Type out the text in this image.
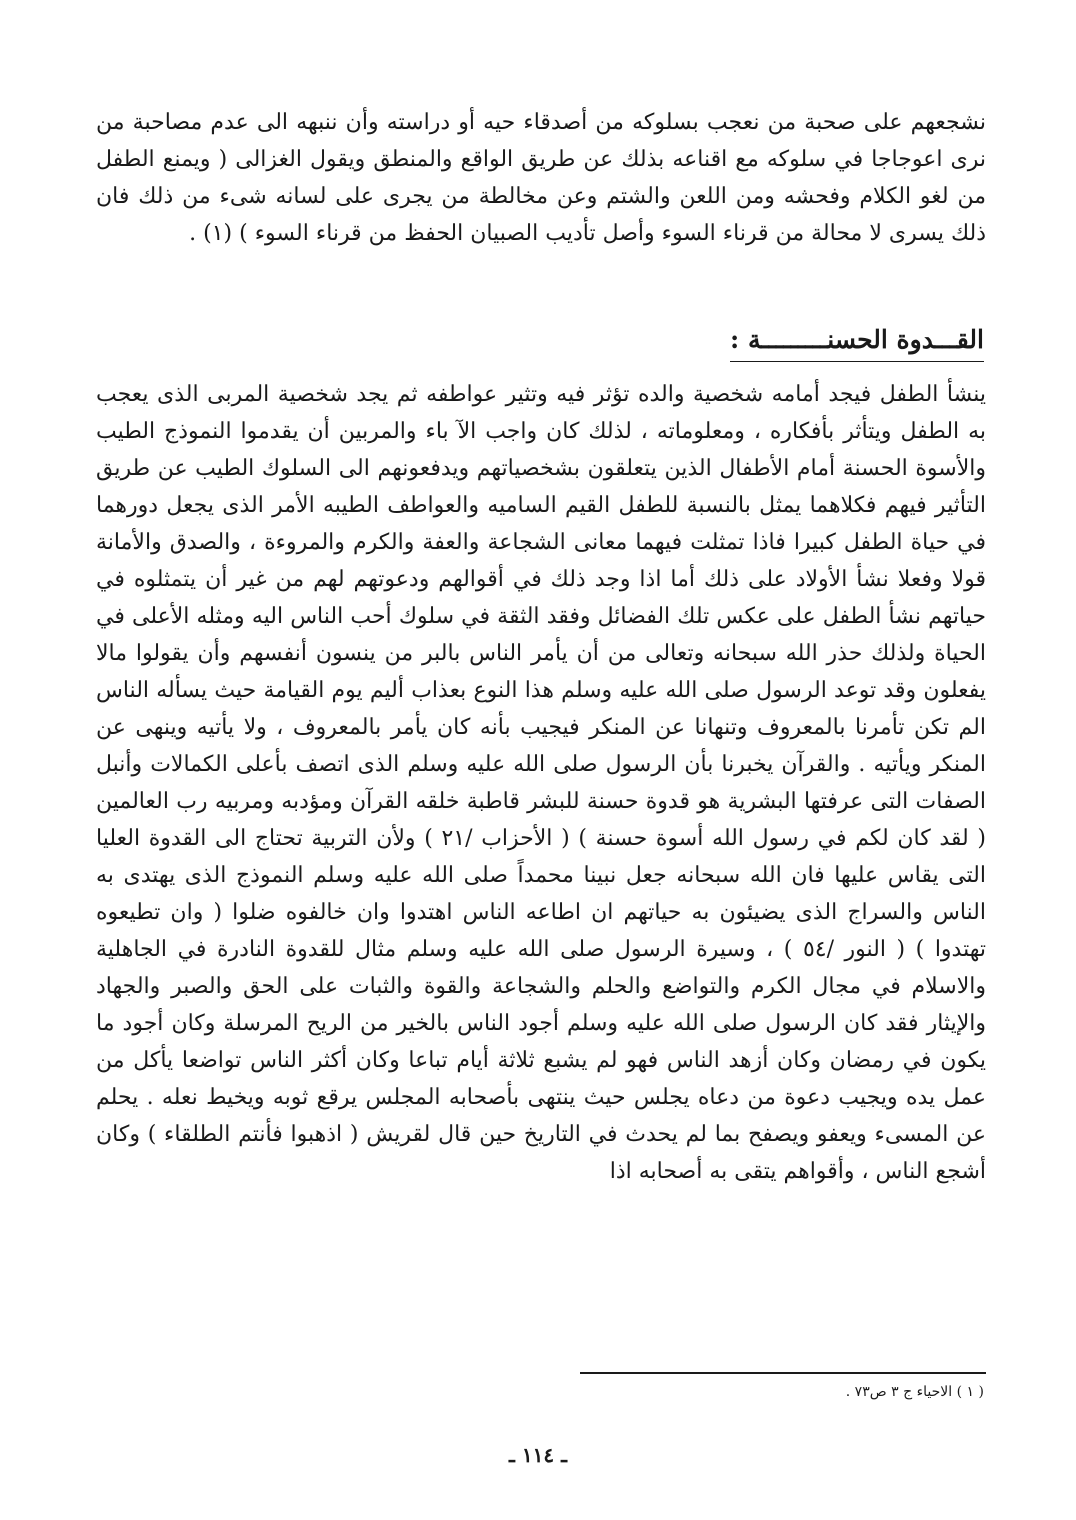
نشجعهم على صحبة من نعجب بسلوكه من أصدقاء حيه أو دراسته وأن ننبهه الى عدم مصاحبة من نرى اعوجاجا في سلوكه مع اقناعه بذلك عن طريق الواقع والمنطق ويقول الغزالى ( ويمنع الطفل من لغو الكلام وفحشه ومن اللعن والشتم وعن مخالطة من يجرى على لسانه شىء من ذلك فان ذلك يسرى لا محالة من قرناء السوء وأصل تأديب الصبيان الحفظ من قرناء السوء ) (١) .

القـــدوة الحسنـــــــــة :

ينشأ الطفل فيجد أمامه شخصية والده تؤثر فيه وتثير عواطفه ثم يجد شخصية المربى الذى يعجب به الطفل ويتأثر بأفكاره ، ومعلوماته ، لذلك كان واجب الآ باء والمربين أن يقدموا النموذج الطيب والأسوة الحسنة أمام الأطفال الذين يتعلقون بشخصياتهم ويدفعونهم الى السلوك الطيب عن طريق التأثير فيهم فكلاهما يمثل بالنسبة للطفل القيم الساميه والعواطف الطيبه الأمر الذى يجعل دورهما في حياة الطفل كبيرا فاذا تمثلت فيهما معانى الشجاعة والعفة والكرم والمروءة ، والصدق والأمانة قولا وفعلا نشأ الأولاد على ذلك أما اذا وجد ذلك في أقوالهم ودعوتهم لهم من غير أن يتمثلوه في حياتهم نشأ الطفل على عكس تلك الفضائل وفقد الثقة في سلوك أحب الناس اليه ومثله الأعلى في الحياة ولذلك حذر الله سبحانه وتعالى من أن يأمر الناس بالبر من ينسون أنفسهم وأن يقولوا مالا يفعلون وقد توعد الرسول صلى الله عليه وسلم هذا النوع بعذاب أليم يوم القيامة حيث يسأله الناس الم تكن تأمرنا بالمعروف وتنهانا عن المنكر فيجيب بأنه كان يأمر بالمعروف ، ولا يأتيه وينهى عن المنكر ويأتيه . والقرآن يخبرنا بأن الرسول صلى الله عليه وسلم الذى اتصف بأعلى الكمالات وأنبل الصفات التى عرفتها البشرية هو قدوة حسنة للبشر قاطبة خلقه القرآن ومؤدبه ومربيه رب العالمين ( لقد كان لكم في رسول الله أسوة حسنة ) ( الأحزاب /٢١ ) ولأن التربية تحتاج الى القدوة العليا التى يقاس عليها فان الله سبحانه جعل نبينا محمداً صلى الله عليه وسلم النموذج الذى يهتدى به الناس والسراج الذى يضيئون به حياتهم ان اطاعه الناس اهتدوا وان خالفوه ضلوا ( وان تطيعوه تهتدوا ) ( النور /٥٤ ) ، وسيرة الرسول صلى الله عليه وسلم مثال للقدوة النادرة في الجاهلية والاسلام في مجال الكرم والتواضع والحلم والشجاعة والقوة والثبات على الحق والصبر والجهاد والإيثار فقد كان الرسول صلى الله عليه وسلم أجود الناس بالخير من الريح المرسلة وكان أجود ما يكون في رمضان وكان أزهد الناس فهو لم يشبع ثلاثة أيام تباعا وكان أكثر الناس تواضعا يأكل من عمل يده ويجيب دعوة من دعاه يجلس حيث ينتهى بأصحابه المجلس يرقع ثوبه ويخيط نعله . يحلم عن المسىء ويعفو ويصفح بما لم يحدث في التاريخ حين قال لقريش ( اذهبوا فأنتم الطلقاء ) وكان أشجع الناس ، وأقواهم يتقى به أصحابه اذا

( ١ ) الاحياء ج ٣ ص٧٣ .

ـ ١١٤ ـ
